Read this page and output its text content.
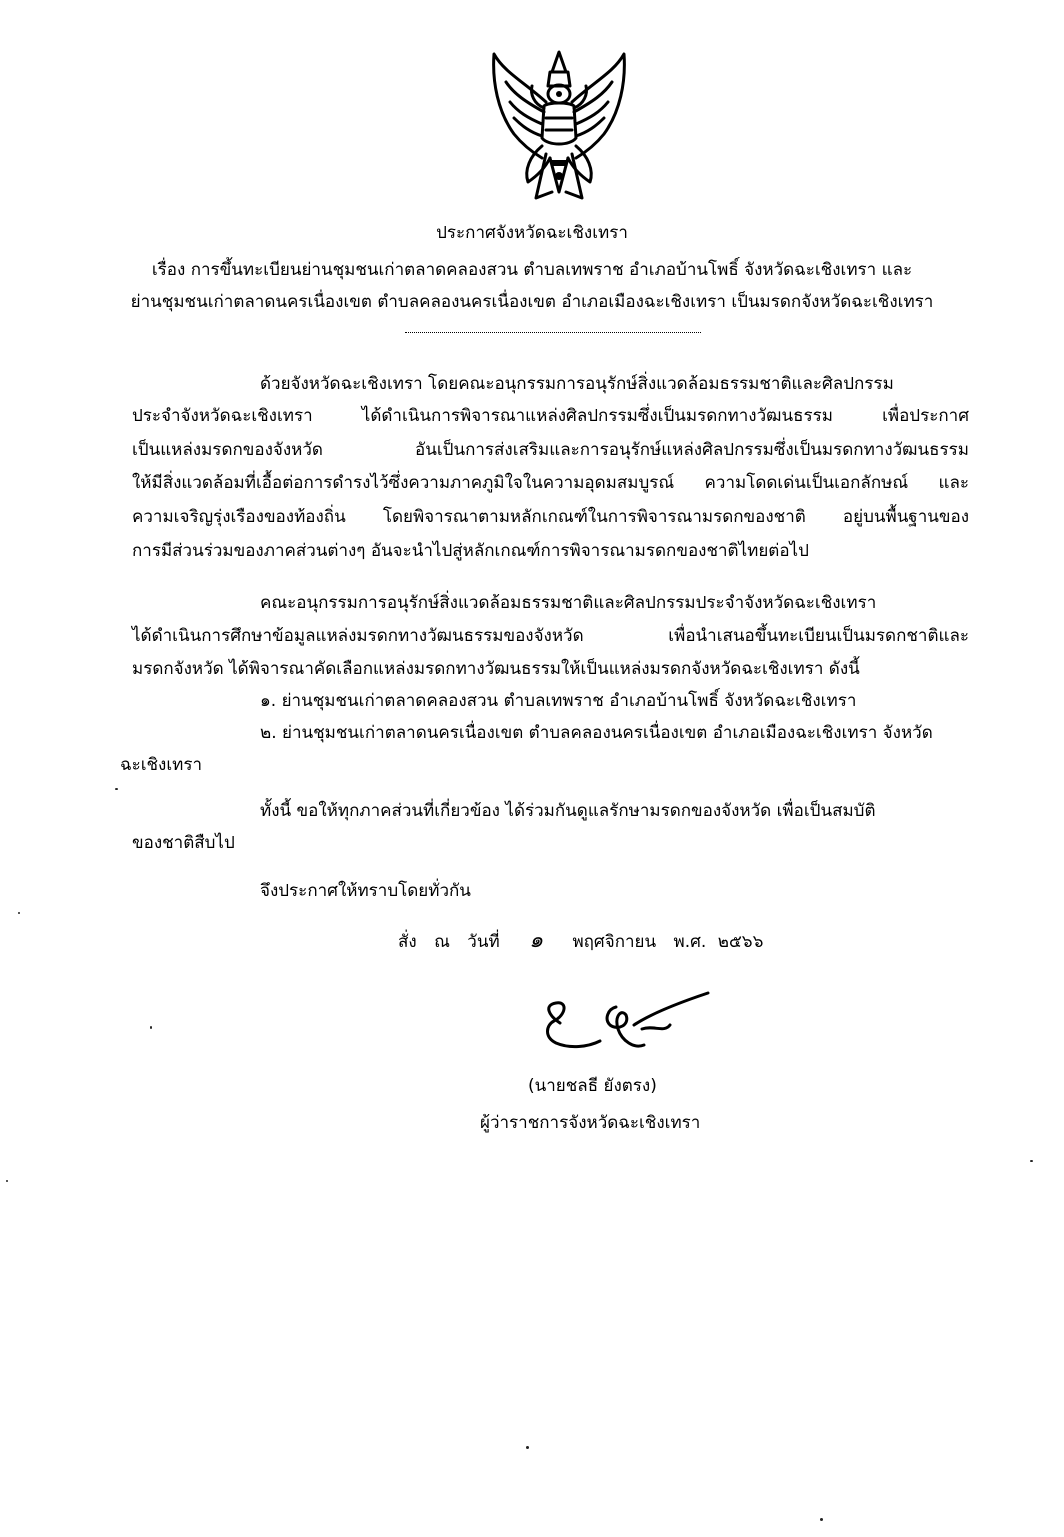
ประกาศจังหวัดฉะเชิงเทรา
เรื่อง การขึ้นทะเบียนย่านชุมชนเก่าตลาดคลองสวน ตำบลเทพราช อำเภอบ้านโพธิ์ จังหวัดฉะเชิงเทรา และ
ย่านชุมชนเก่าตลาดนครเนื่องเขต ตำบลคลองนครเนื่องเขต อำเภอเมืองฉะเชิงเทรา เป็นมรดกจังหวัดฉะเชิงเทรา
ด้วยจังหวัดฉะเชิงเทรา โดยคณะอนุกรรมการอนุรักษ์สิ่งแวดล้อมธรรมชาติและศิลปกรรม
ประจำจังหวัดฉะเชิงเทรา ได้ดำเนินการพิจารณาแหล่งศิลปกรรมซึ่งเป็นมรดกทางวัฒนธรรม เพื่อประกาศ
เป็นแหล่งมรดกของจังหวัด อันเป็นการส่งเสริมและการอนุรักษ์แหล่งศิลปกรรมซึ่งเป็นมรดกทางวัฒนธรรม
ให้มีสิ่งแวดล้อมที่เอื้อต่อการดำรงไว้ซึ่งความภาคภูมิใจในความอุดมสมบูรณ์ ความโดดเด่นเป็นเอกลักษณ์ และ
ความเจริญรุ่งเรืองของท้องถิ่น โดยพิจารณาตามหลักเกณฑ์ในการพิจารณามรดกของชาติ อยู่บนพื้นฐานของ
การมีส่วนร่วมของภาคส่วนต่างๆ อันจะนำไปสู่หลักเกณฑ์การพิจารณามรดกของชาติไทยต่อไป
คณะอนุกรรมการอนุรักษ์สิ่งแวดล้อมธรรมชาติและศิลปกรรมประจำจังหวัดฉะเชิงเทรา
ได้ดำเนินการศึกษาข้อมูลแหล่งมรดกทางวัฒนธรรมของจังหวัด เพื่อนำเสนอขึ้นทะเบียนเป็นมรดกชาติและ
มรดกจังหวัด ได้พิจารณาคัดเลือกแหล่งมรดกทางวัฒนธรรมให้เป็นแหล่งมรดกจังหวัดฉะเชิงเทรา ดังนี้
๑. ย่านชุมชนเก่าตลาดคลองสวน ตำบลเทพราช อำเภอบ้านโพธิ์ จังหวัดฉะเชิงเทรา
๒. ย่านชุมชนเก่าตลาดนครเนื่องเขต ตำบลคลองนครเนื่องเขต อำเภอเมืองฉะเชิงเทรา จังหวัด
ฉะเชิงเทรา
ทั้งนี้ ขอให้ทุกภาคส่วนที่เกี่ยวข้อง ได้ร่วมกันดูแลรักษามรดกของจังหวัด เพื่อเป็นสมบัติ
ของชาติสืบไป
จึงประกาศให้ทราบโดยทั่วกัน
สั่ง ณ วันที่ ๑ พฤศจิกายน พ.ศ. ๒๕๖๖
(นายชลธี ยังตรง)
ผู้ว่าราชการจังหวัดฉะเชิงเทรา
